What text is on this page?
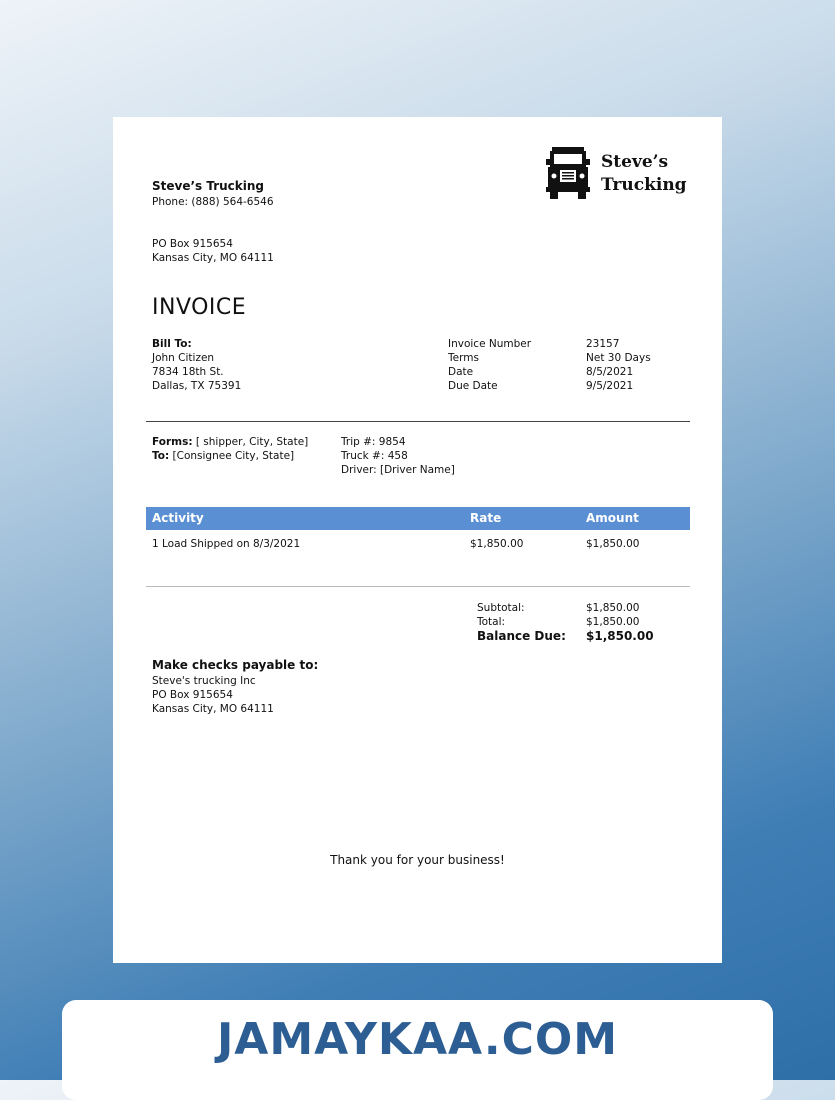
Steve’s
Trucking
Steve’s Trucking
Phone: (888) 564-6546
PO Box 915654
Kansas City, MO 64111
INVOICE
Bill To:
John Citizen
7834 18th St.
Dallas, TX 75391
Invoice Number	23157
Terms	Net 30 Days
Date	8/5/2021
Due Date	9/5/2021
Forms: [ shipper, City, State]
To: [Consignee City, State]
Trip #: 9854
Truck #: 458
Driver: [Driver Name]
Activity	Rate	Amount
1 Load Shipped on 8/3/2021	$1,850.00	$1,850.00
Subtotal:	$1,850.00
Total:	$1,850.00
Balance Due: $1,850.00
Make checks payable to:
Steve's trucking Inc
PO Box 915654
Kansas City, MO 64111
Thank you for your business!
JAMAYKAA.COM
